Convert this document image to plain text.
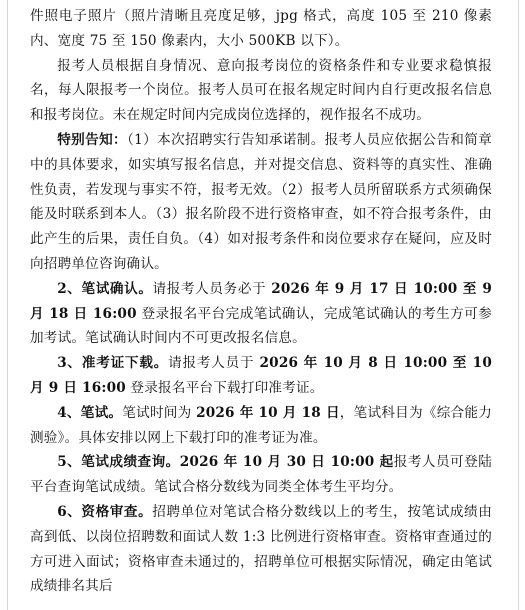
件照电子照片（照片清晰且亮度足够，jpg 格式，高度 105 至 210 像素内、宽度 75 至 150 像素内，大小 500KB 以下）。

报考人员根据自身情况、意向报考岗位的资格条件和专业要求稳慎报名，每人限报考一个岗位。报考人员可在报名规定时间内自行更改报名信息和报考岗位。未在规定时间内完成岗位选择的，视作报名不成功。

特别告知：（1）本次招聘实行告知承诺制。报考人员应依据公告和简章中的具体要求，如实填写报名信息，并对提交信息、资料等的真实性、准确性负责，若发现与事实不符，报考无效。（2）报考人员所留联系方式须确保能及时联系到本人。（3）报名阶段不进行资格审查，如不符合报考条件，由此产生的后果，责任自负。（4）如对报考条件和岗位要求存在疑问，应及时向招聘单位咨询确认。

2、笔试确认。请报考人员务必于 2026 年 9 月 17 日 10:00 至 9 月 18 日 16:00 登录报名平台完成笔试确认，完成笔试确认的考生方可参加考试。笔试确认时间内不可更改报名信息。

3、准考证下载。请报考人员于 2026 年 10 月 8 日 10:00 至 10 月 9 日 16:00 登录报名平台下载打印准考证。

4、笔试。笔试时间为 2026 年 10 月 18 日，笔试科目为《综合能力测验》。具体安排以网上下载打印的准考证为准。

5、笔试成绩查询。2026 年 10 月 30 日 10:00 起报考人员可登陆平台查询笔试成绩。笔试合格分数线为同类全体考生平均分。

6、资格审查。招聘单位对笔试合格分数线以上的考生，按笔试成绩由高到低、以岗位招聘数和面试人数 1:3 比例进行资格审查。资格审查通过的方可进入面试；资格审查未通过的，招聘单位可根据实际情况，确定由笔试成绩排名其后
